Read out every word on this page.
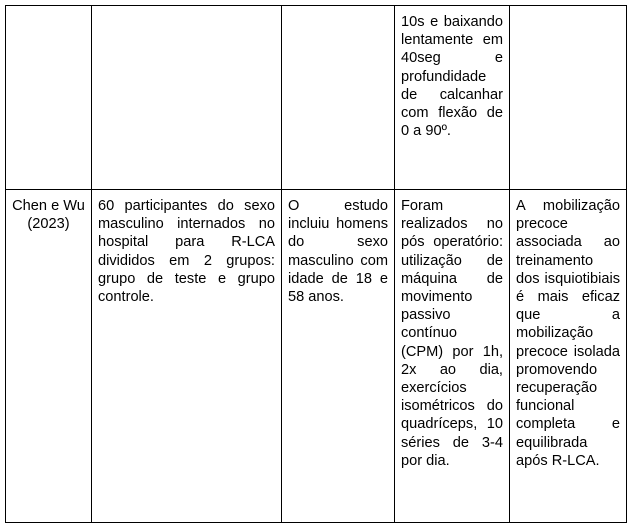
			10s e baixando lentamente em 40seg e profundidade de calcanhar com flexão de 0 a 90º.	
Chen e Wu (2023)	60 participantes do sexo masculino internados no hospital para R-LCA divididos em 2 grupos: grupo de teste e grupo controle.	O estudo incluiu homens do sexo masculino com idade de 18 e 58 anos.	Foram realizados no pós operatório: utilização de máquina de movimento passivo contínuo (CPM) por 1h, 2x ao dia, exercícios isométricos do quadríceps, 10 séries de 3-4 por dia.	A mobilização precoce associada ao treinamento dos isquiotibiais é mais eficaz que a mobilização precoce isolada promovendo recuperação funcional completa e equilibrada após R-LCA.
